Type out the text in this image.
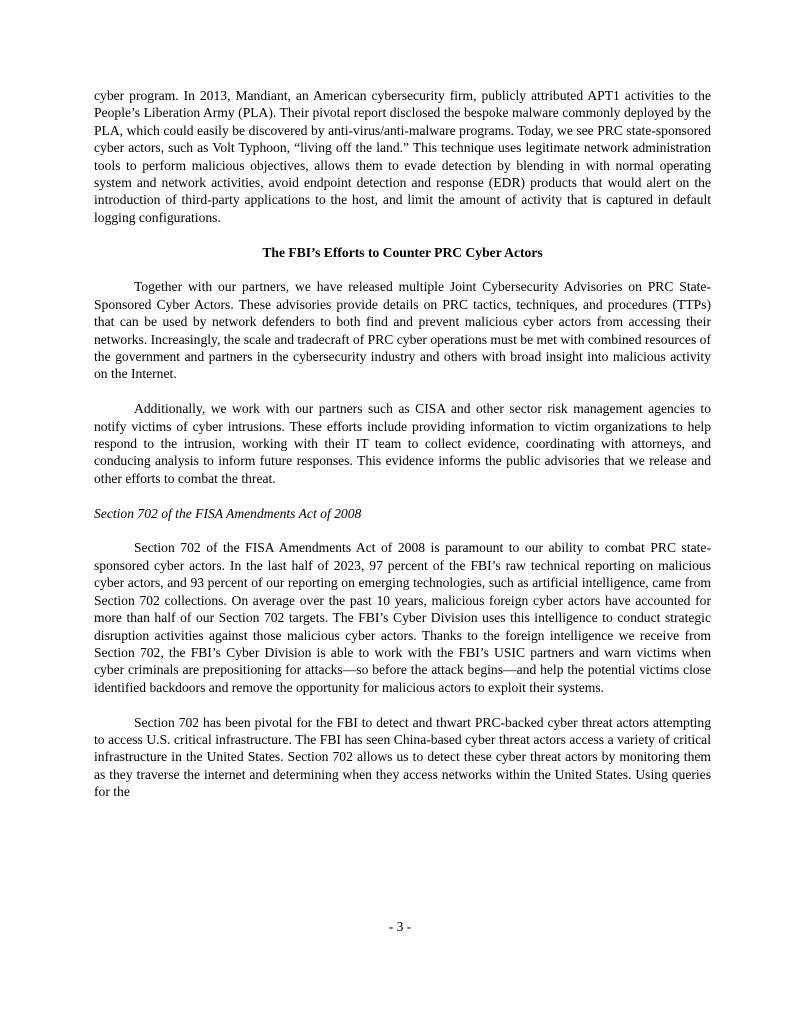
cyber program. In 2013, Mandiant, an American cybersecurity firm, publicly attributed APT1 activities to the People’s Liberation Army (PLA). Their pivotal report disclosed the bespoke malware commonly deployed by the PLA, which could easily be discovered by anti-virus/anti-malware programs. Today, we see PRC state-sponsored cyber actors, such as Volt Typhoon, “living off the land.” This technique uses legitimate network administration tools to perform malicious objectives, allows them to evade detection by blending in with normal operating system and network activities, avoid endpoint detection and response (EDR) products that would alert on the introduction of third-party applications to the host, and limit the amount of activity that is captured in default logging configurations.

The FBI’s Efforts to Counter PRC Cyber Actors

Together with our partners, we have released multiple Joint Cybersecurity Advisories on PRC State-Sponsored Cyber Actors. These advisories provide details on PRC tactics, techniques, and procedures (TTPs) that can be used by network defenders to both find and prevent malicious cyber actors from accessing their networks. Increasingly, the scale and tradecraft of PRC cyber operations must be met with combined resources of the government and partners in the cybersecurity industry and others with broad insight into malicious activity on the Internet.

Additionally, we work with our partners such as CISA and other sector risk management agencies to notify victims of cyber intrusions. These efforts include providing information to victim organizations to help respond to the intrusion, working with their IT team to collect evidence, coordinating with attorneys, and conducing analysis to inform future responses. This evidence informs the public advisories that we release and other efforts to combat the threat.

Section 702 of the FISA Amendments Act of 2008

Section 702 of the FISA Amendments Act of 2008 is paramount to our ability to combat PRC state-sponsored cyber actors. In the last half of 2023, 97 percent of the FBI’s raw technical reporting on malicious cyber actors, and 93 percent of our reporting on emerging technologies, such as artificial intelligence, came from Section 702 collections. On average over the past 10 years, malicious foreign cyber actors have accounted for more than half of our Section 702 targets. The FBI’s Cyber Division uses this intelligence to conduct strategic disruption activities against those malicious cyber actors. Thanks to the foreign intelligence we receive from Section 702, the FBI’s Cyber Division is able to work with the FBI’s USIC partners and warn victims when cyber criminals are prepositioning for attacks—so before the attack begins—and help the potential victims close identified backdoors and remove the opportunity for malicious actors to exploit their systems.

Section 702 has been pivotal for the FBI to detect and thwart PRC-backed cyber threat actors attempting to access U.S. critical infrastructure. The FBI has seen China-based cyber threat actors access a variety of critical infrastructure in the United States. Section 702 allows us to detect these cyber threat actors by monitoring them as they traverse the internet and determining when they access networks within the United States. Using queries for the

- 3 -
